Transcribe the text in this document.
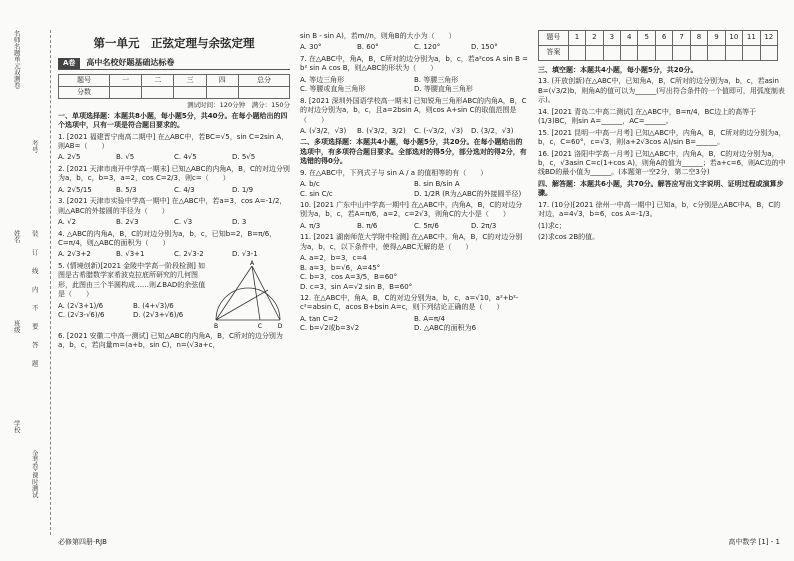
名师名题单元双测卷
姓名
班级
学校
考号
装 订 线 内 不 要 答 题
金考卷·课时测试
第一单元　正弦定理与余弦定理
A卷	高中名校好题基础达标卷
题号	一	二	三	四	总分
分数					
测试时间：120分钟　满分：150分
一、单项选择题：本题共8小题，每小题5分，共40分。在每小题给出的四个选项中，只有一项是符合题目要求的。
1. [2021 福建晋宁南高二期中] 在△ABC中，若BC=√5，sin C=2sin A，则AB=（　　）
A. 2√5	B. √5	C. 4√5	D. 5√5
2. [2021 天津市南开中学高一期末] 已知△ABC的内角A，B，C的对边分别为a，b，c，b=3，a=2，cos C=2/3，则c=（　　）
A. 2√5/15	B. 5/3	C. 4/3	D. 1/9
3. [2021 天津市实验中学高一期中] 在△ABC中，若a=3，cos A=-1/2，则△ABC的外接圆的半径为（　　）
A. √2	B. 2√3	C. √3	D. 3
4. △ABC的内角A，B，C的对边分别为a，b，c，已知b=2，B=π/6，C=π/4，则△ABC的面积为（　　）
A. 2√3+2	B. √3+1	C. 2√3-2	D. √3-1
5. (情境创新)[2021 金陵中学高一阶段检测] 如图是古希腊数学家希波克拉底所研究的几何图形，此图由三个半圆构成……则∠BAD的余弦值是（　　）
A. (2√3+1)/6	B. (4+√3)/6
C. (2√3-√6)/6	D. (2√3+√6)/6
A
B	C	D
6. [2021 安徽二中高一测试] 已知△ABC的内角A，B，C所对的边分别为a，b，c，若向量m=(a+b，sin C)，n=(√3a+c，
sin B - sin A)，若m//n，则角B的大小为（　　）
A. 30°	B. 60°	C. 120°	D. 150°
7. 在△ABC中，角A，B，C所对的边分别为a，b，c，若a²cos A sin B = b² sin A cos B，则△ABC的形状为（　　）
A. 等边三角形	B. 等腰三角形
C. 等腰或直角三角形	D. 等腰直角三角形
8. [2021 深圳外国语学校高一期末] 已知锐角三角形ABC的内角A，B，C的对边分别为a，b，c，且a=2bsin A，则cos A+sin C的取值范围是（　　）
A. (√3/2，√3)	B. (√3/2，3/2)	C. (-√3/2，√3)	D. (3/2，√3)
二、多项选择题：本题共4小题，每小题5分，共20分。在每小题给出的选项中，有多项符合题目要求。全部选对的得5分，部分选对的得2分，有选错的得0分。
9. 在△ABC中，下列式子与 sin A / a 的值相等的有（　　）
A. b/c	B. sin B/sin A
C. sin C/c	D. 1/2R (R为△ABC的外接圆半径)
10. [2021 广东中山中学高一期中] 在△ABC中，内角A，B，C的对边分别为a，b，c，若A=π/6，a=2，c=2√3，则角C的大小是（　　）
A. π/3	B. π/6	C. 5π/6	D. 2π/3
11. [2021 湖南师范大学附中检测] 在△ABC中，角A，B，C的对边分别为a，b，c，以下条件中，使得△ABC无解的是（　　）
A. a=2，b=3，c=4
B. a=3，b=√6，A=45°
C. b=3，cos A=3/5，B=60°
D. c=3，sin A=√2 sin B，B=60°
12. 在△ABC中，角A，B，C的对边分别为a，b，c，a=√10，a²+b²-c²=absin C，acos B+bsin A=c，则下列结论正确的是（　　）
A. tan C=2	B. A=π/4
C. b=√2或b=3√2	D. △ABC的面积为6
题号	1	2	3	4	5	6	7	8	9	10	11	12
答案												
三、填空题：本题共4小题，每小题5分，共20分。
13. (开放创新)在△ABC中，已知角A，B，C所对的边分别为a，b，c，若asin B=(√3/2)b，则角A的值可以为______(写出符合条件的一个值即可，用弧度制表示)。
14. [2021 青岛二中高二测试] 在△ABC中，B=π/4，BC边上的高等于(1/3)BC，则sin A=______，AC=______。
15. [2021 昆明一中高一月考] 已知△ABC中，内角A，B，C所对的边分别为a，b，c，C=60°，c=√3，则(a+2√3cos A)/sin B=______。
16. [2021 洛阳中学高一月考] 已知△ABC中，内角A，B，C的对边分别为a，b，c，√3asin C=c(1+cos A)，则角A的值为______；若a+c=6，则AC边的中线BD的最小值为______。(本题第一空2分，第二空3分)
四、解答题：本题共6小题，共70分。解答应写出文字说明、证明过程或演算步骤。
17. (10分)[2021 徐州一中高一期中] 已知a，b，c分别是△ABC中A，B，C的对边，a=4√3，b=6，cos A=-1/3。
(1)求c；
(2)求cos 2B的值。
必修第四册·RJB	高中数学 [1] - 1
